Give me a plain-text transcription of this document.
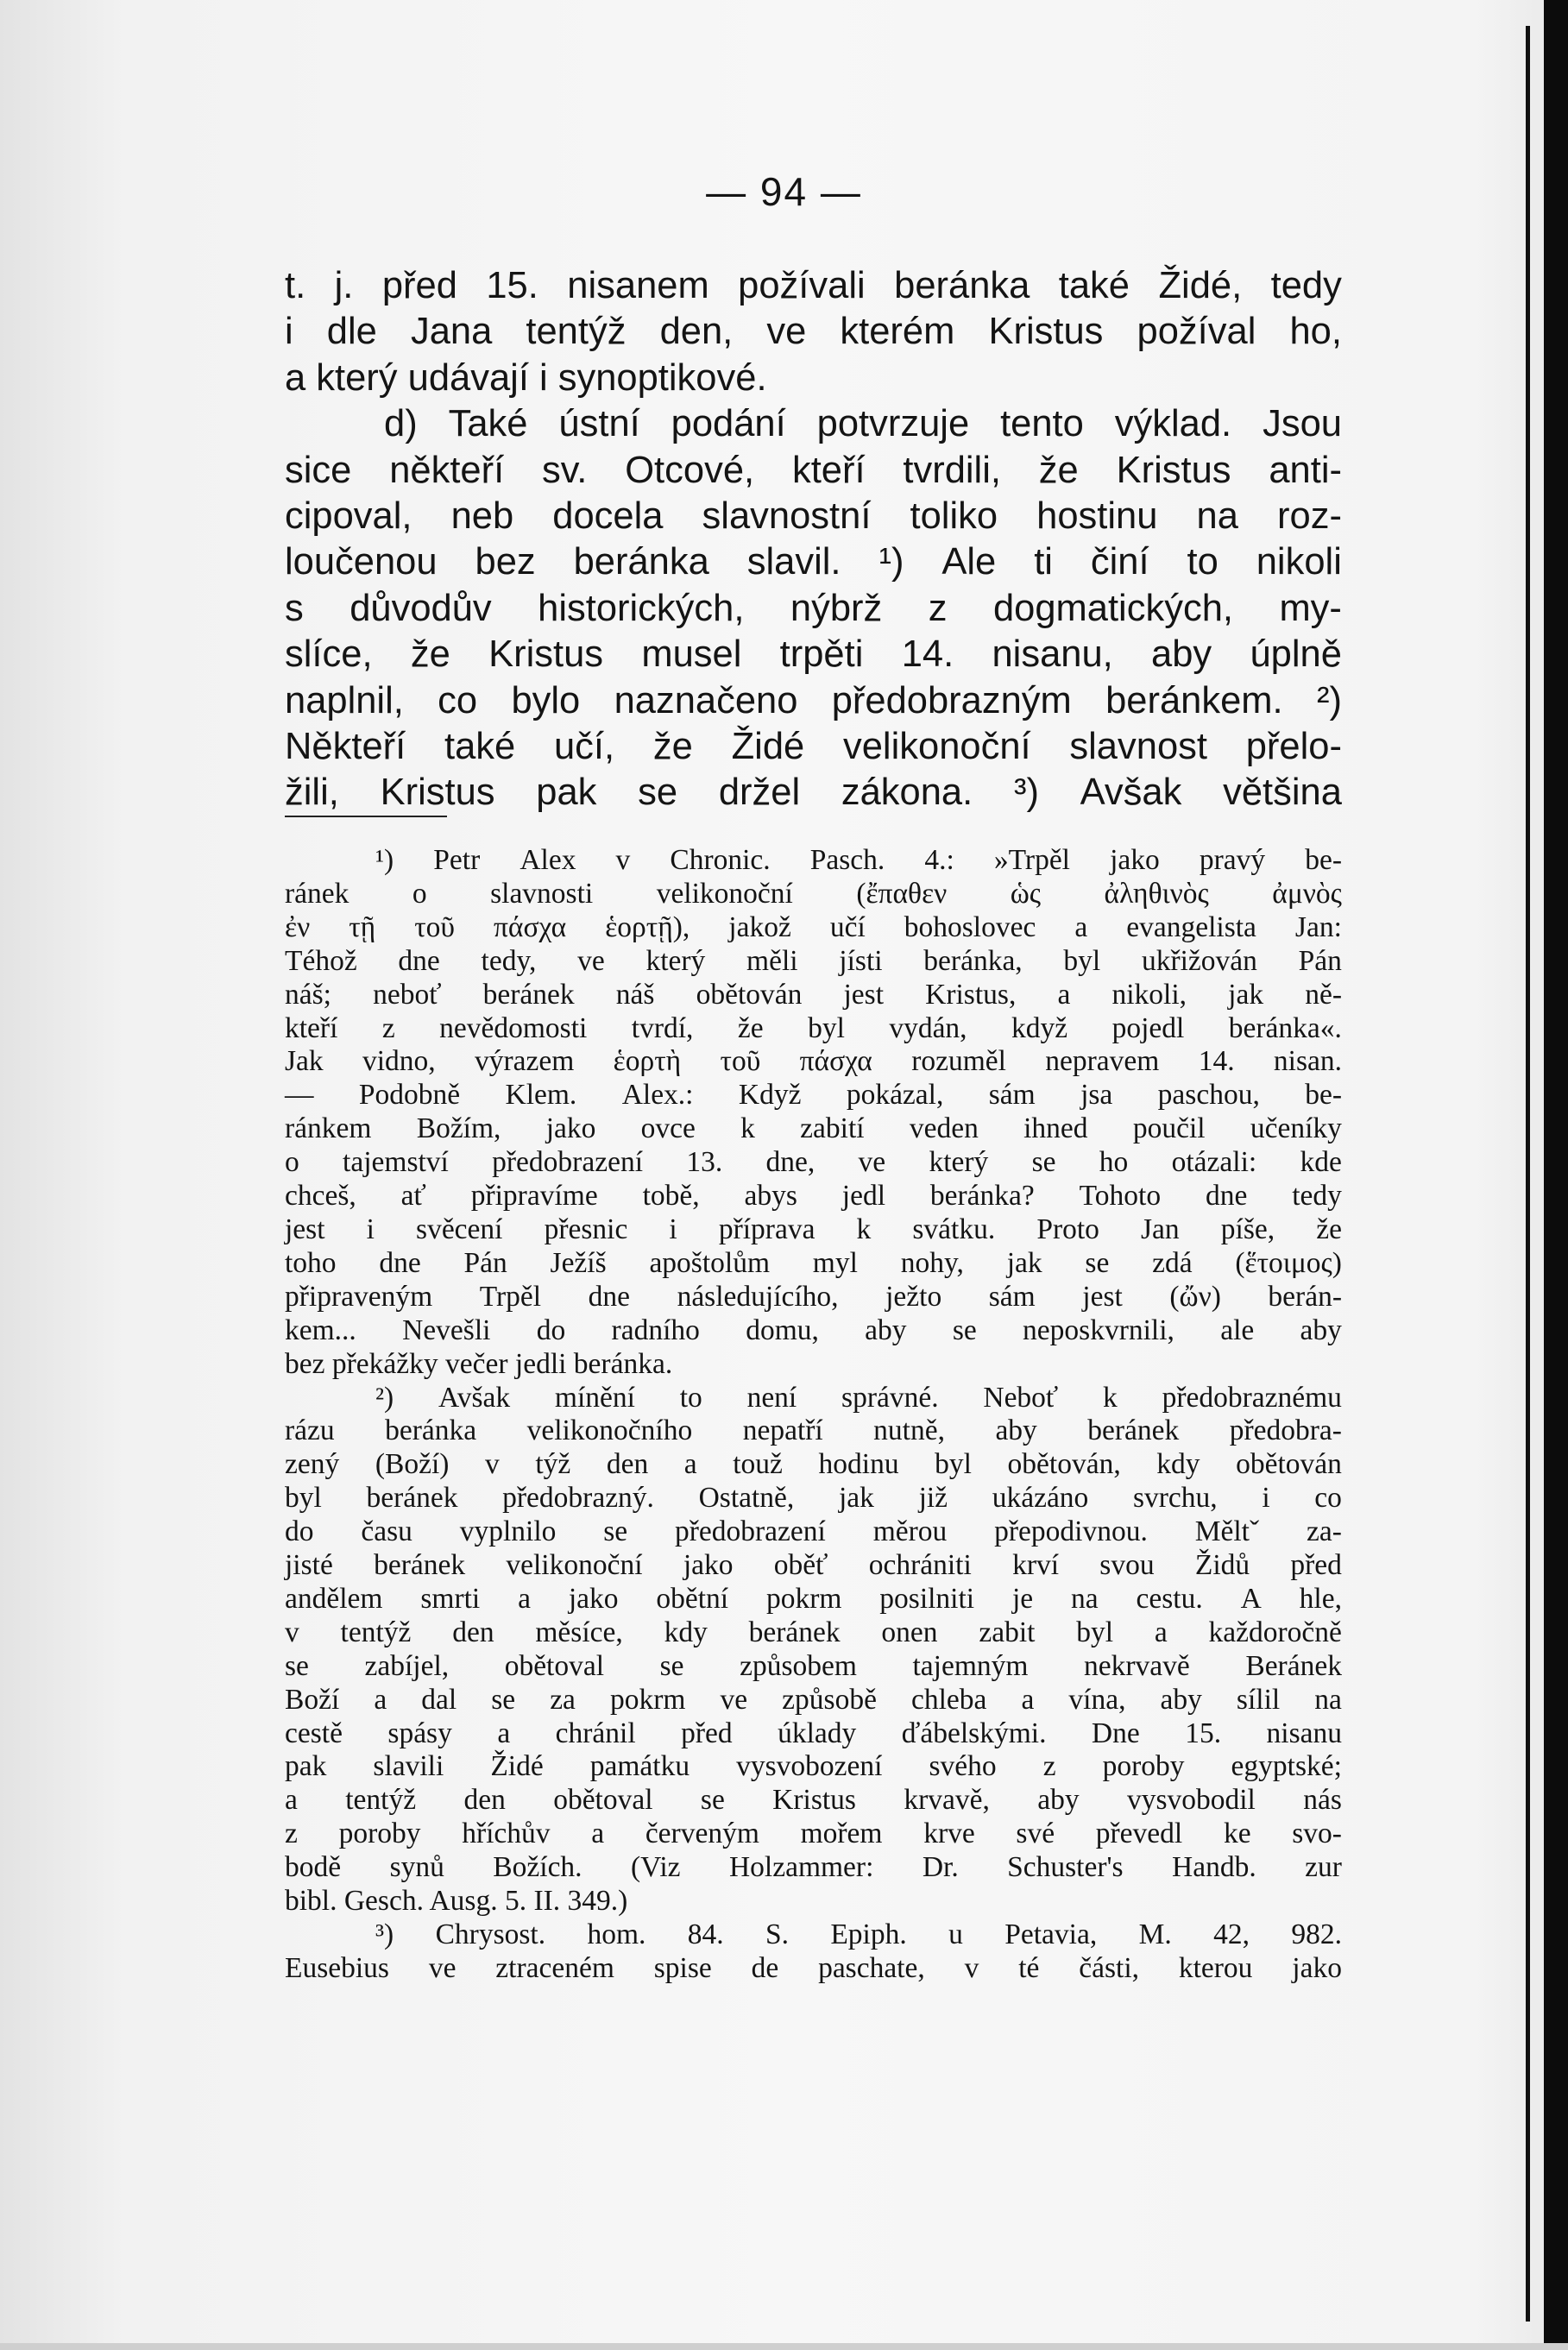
— 94 —
t. j. před 15. nisanem požívali beránka také Židé, tedy
i dle Jana tentýž den, ve kterém Kristus požíval ho,
a který udávají i synoptikové.
d) Také ústní podání potvrzuje tento výklad. Jsou
sice někteří sv. Otcové, kteří tvrdili, že Kristus anti-
cipoval, neb docela slavnostní toliko hostinu na roz-
loučenou bez beránka slavil. ¹) Ale ti činí to nikoli
s důvodův historických, nýbrž z dogmatických, my-
slíce, že Kristus musel trpěti 14. nisanu, aby úplně
naplnil, co bylo naznačeno předobrazným beránkem. ²)
Někteří také učí, že Židé velikonoční slavnost přelo-
žili, Kristus pak se držel zákona. ³) Avšak většina
¹) Petr Alex v Chronic. Pasch. 4.: »Trpěl jako pravý be-
ránek o slavnosti velikonoční (ἔπαθεν ὡς ἀληθινὸς ἀμνὸς
ἐν τῇ τοῦ πάσχα ἑορτῇ), jakož učí bohoslovec a evangelista Jan:
Téhož dne tedy, ve který měli jísti beránka, byl ukřižován Pán
náš; neboť beránek náš obětován jest Kristus, a nikoli, jak ně-
kteří z nevědomosti tvrdí, že byl vydán, když pojedl beránka«.
Jak vidno, výrazem ἑορτὴ τοῦ πάσχα rozuměl nepravem 14. nisan.
— Podobně Klem. Alex.: Když pokázal, sám jsa paschou, be-
ránkem Božím, jako ovce k zabití veden ihned poučil učeníky
o tajemství předobrazení 13. dne, ve který se ho otázali: kde
chceš, ať připravíme tobě, abys jedl beránka? Tohoto dne tedy
jest i svěcení přesnic i příprava k svátku. Proto Jan píše, že
toho dne Pán Ježíš apoštolům myl nohy, jak se zdá (ἕτοιμος)
připraveným Trpěl dne následujícího, ježto sám jest (ὤν) berán-
kem... Nevešli do radního domu, aby se neposkvrnili, ale aby
bez překážky večer jedli beránka.
²) Avšak mínění to není správné. Neboť k předobraznému
rázu beránka velikonočního nepatří nutně, aby beránek předobra-
zený (Boží) v týž den a touž hodinu byl obětován, kdy obětován
byl beránek předobrazný. Ostatně, jak již ukázáno svrchu, i co
do času vyplnilo se předobrazení měrou přepodivnou. Měltˇ za-
jisté beránek velikonoční jako oběť ochrániti krví svou Židů před
andělem smrti a jako obětní pokrm posilniti je na cestu. A hle,
v tentýž den měsíce, kdy beránek onen zabit byl a každoročně
se zabíjel, obětoval se způsobem tajemným nekrvavě Beránek
Boží a dal se za pokrm ve způsobě chleba a vína, aby sílil na
cestě spásy a chránil před úklady ďábelskými. Dne 15. nisanu
pak slavili Židé památku vysvobození svého z poroby egyptské;
a tentýž den obětoval se Kristus krvavě, aby vysvobodil nás
z poroby hříchův a červeným mořem krve své převedl ke svo-
bodě synů Božích. (Viz Holzammer: Dr. Schuster's Handb. zur
bibl. Gesch. Ausg. 5. II. 349.)
³) Chrysost. hom. 84. S. Epiph. u Petavia, M. 42, 982.
Eusebius ve ztraceném spise de paschate, v té části, kterou jako
